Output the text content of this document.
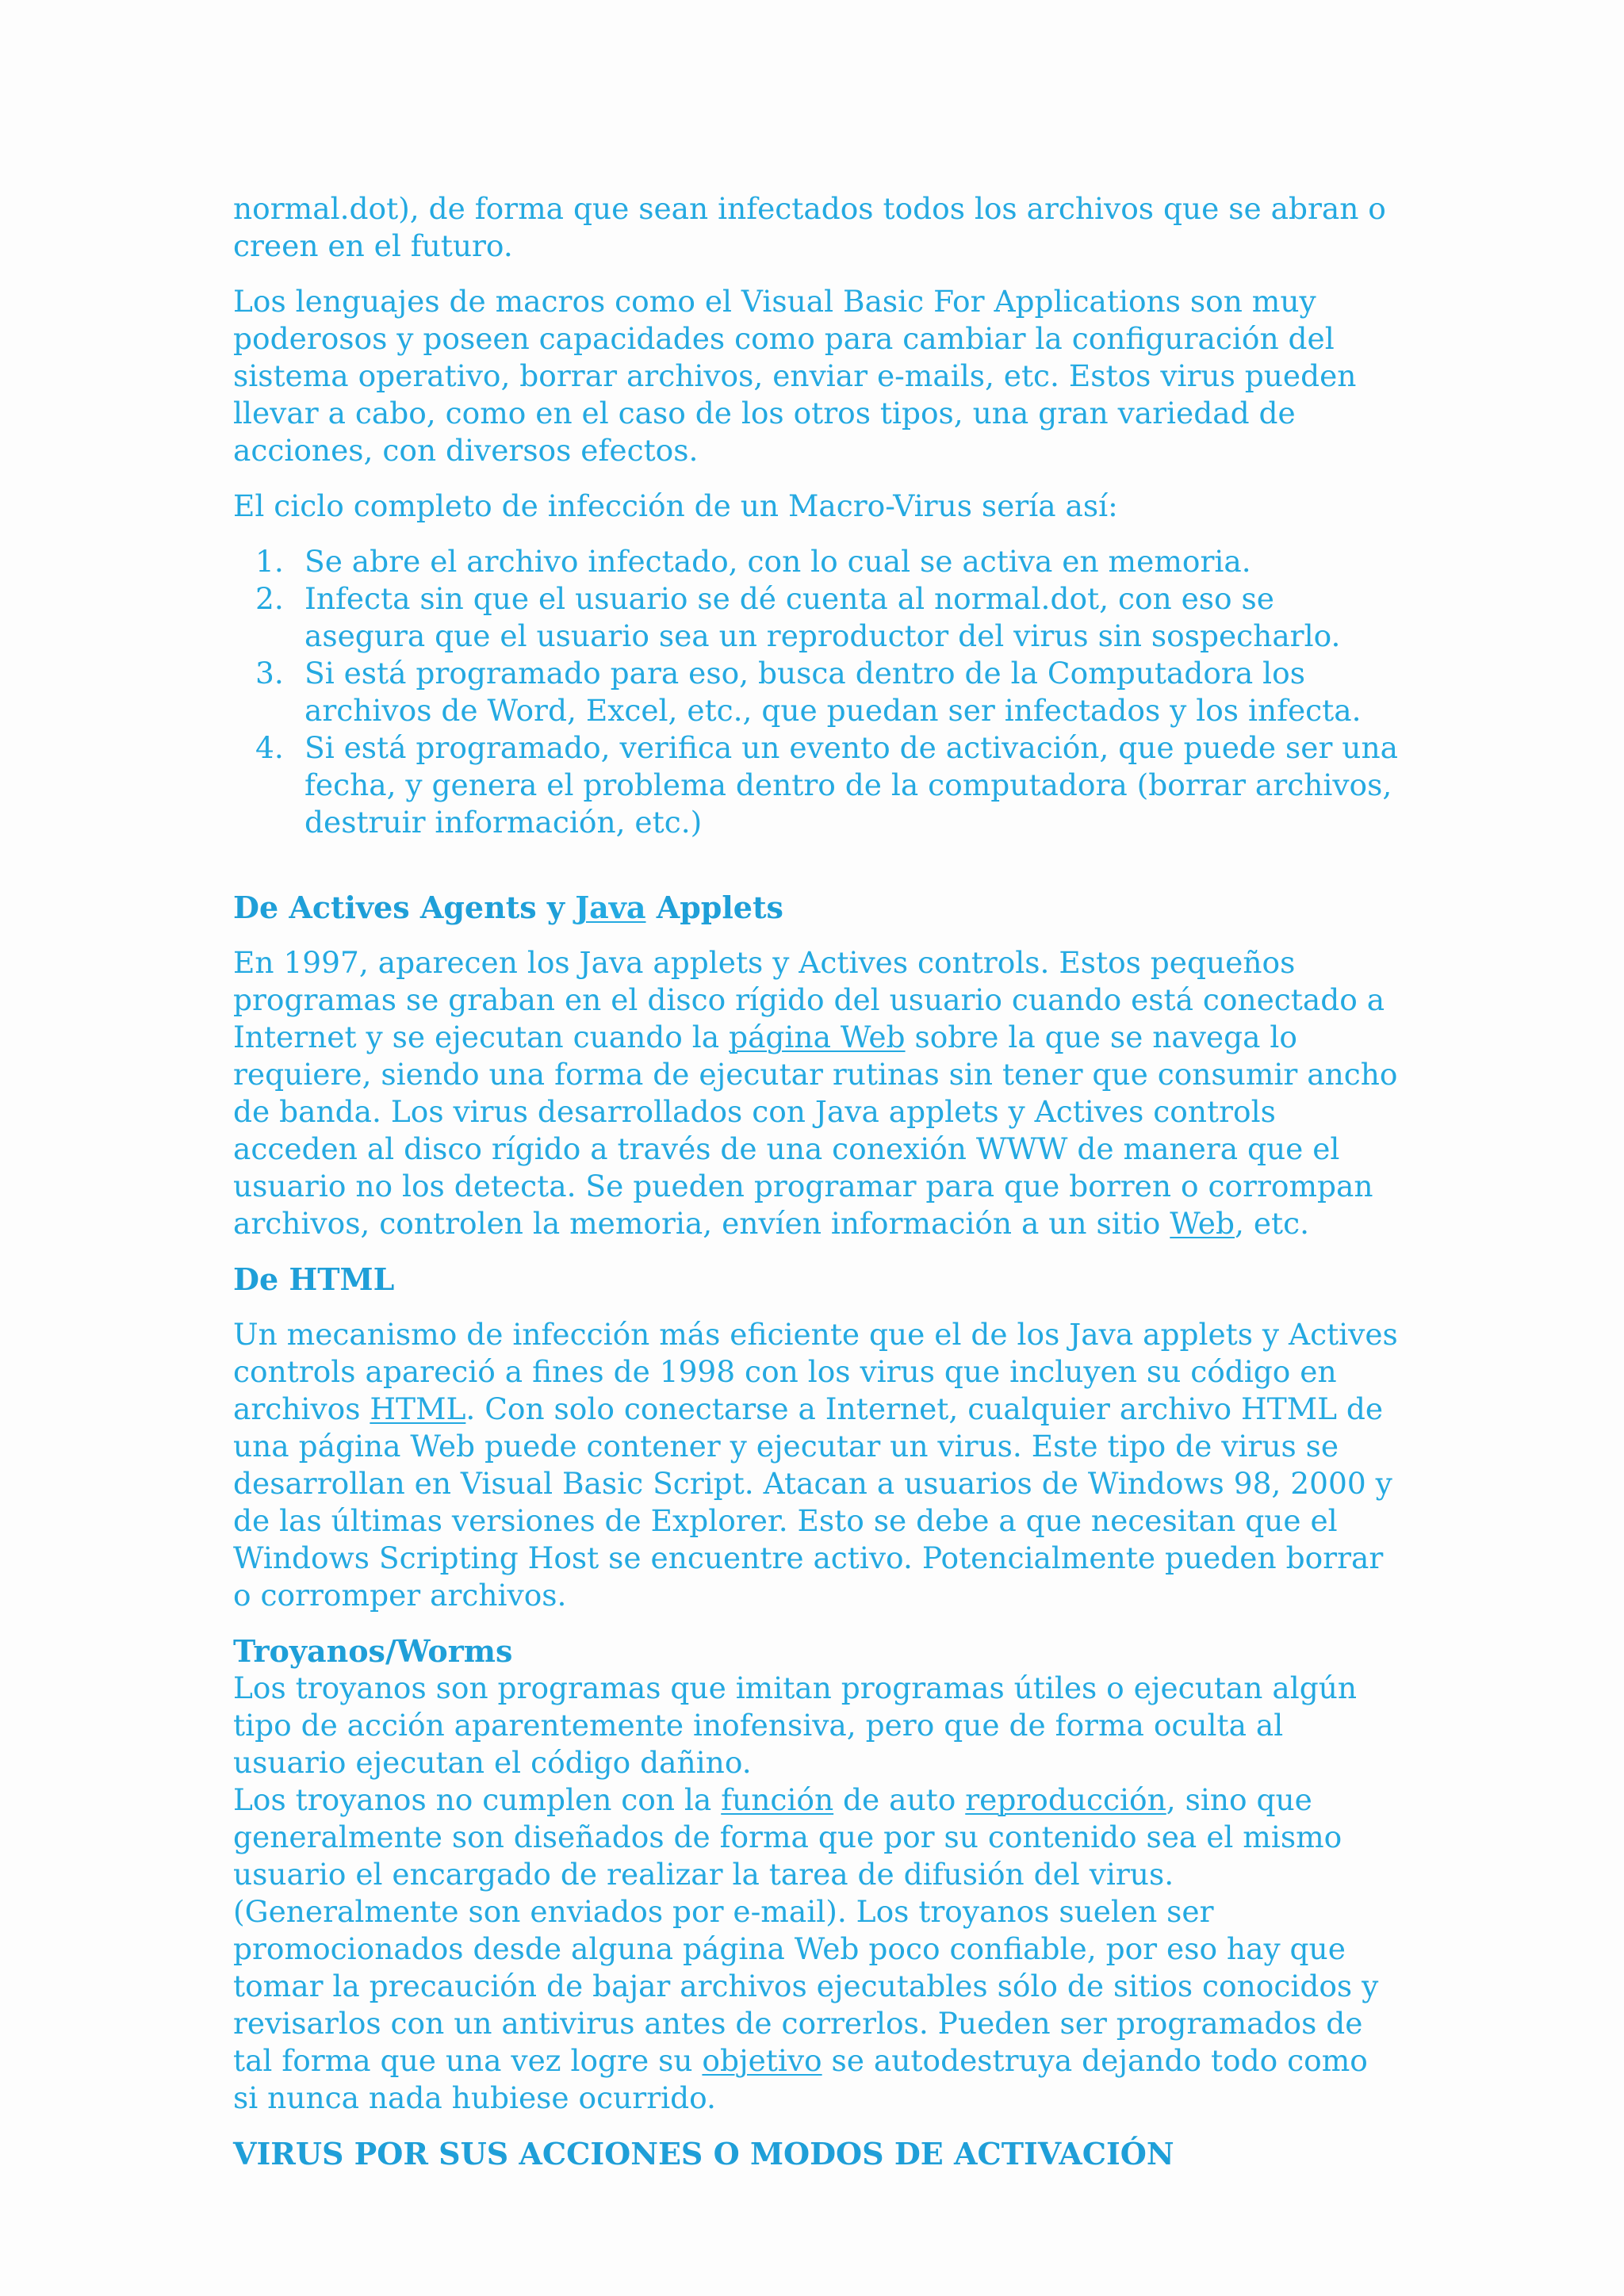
normal.dot), de forma que sean infectados todos los archivos que se abran o creen en el futuro.

Los lenguajes de macros como el Visual Basic For Applications son muy poderosos y poseen capacidades como para cambiar la configuración del sistema operativo, borrar archivos, enviar e-mails, etc. Estos virus pueden llevar a cabo, como en el caso de los otros tipos, una gran variedad de acciones, con diversos efectos.

El ciclo completo de infección de un Macro-Virus sería así:

1. Se abre el archivo infectado, con lo cual se activa en memoria.
2. Infecta sin que el usuario se dé cuenta al normal.dot, con eso se asegura que el usuario sea un reproductor del virus sin sospecharlo.
3. Si está programado para eso, busca dentro de la Computadora los archivos de Word, Excel, etc., que puedan ser infectados y los infecta.
4. Si está programado, verifica un evento de activación, que puede ser una fecha, y genera el problema dentro de la computadora (borrar archivos, destruir información, etc.)
De Actives Agents y Java Applets

En 1997, aparecen los Java applets y Actives controls. Estos pequeños programas se graban en el disco rígido del usuario cuando está conectado a Internet y se ejecutan cuando la página Web sobre la que se navega lo requiere, siendo una forma de ejecutar rutinas sin tener que consumir ancho de banda. Los virus desarrollados con Java applets y Actives controls acceden al disco rígido a través de una conexión WWW de manera que el usuario no los detecta. Se pueden programar para que borren o corrompan archivos, controlen la memoria, envíen información a un sitio Web, etc.

De HTML

Un mecanismo de infección más eficiente que el de los Java applets y Actives controls apareció a fines de 1998 con los virus que incluyen su código en archivos HTML. Con solo conectarse a Internet, cualquier archivo HTML de una página Web puede contener y ejecutar un virus. Este tipo de virus se desarrollan en Visual Basic Script. Atacan a usuarios de Windows 98, 2000 y de las últimas versiones de Explorer. Esto se debe a que necesitan que el Windows Scripting Host se encuentre activo. Potencialmente pueden borrar o corromper archivos.

Troyanos/Worms

Los troyanos son programas que imitan programas útiles o ejecutan algún tipo de acción aparentemente inofensiva, pero que de forma oculta al usuario ejecutan el código dañino.

Los troyanos no cumplen con la función de auto reproducción, sino que generalmente son diseñados de forma que por su contenido sea el mismo usuario el encargado de realizar la tarea de difusión del virus. (Generalmente son enviados por e-mail). Los troyanos suelen ser promocionados desde alguna página Web poco confiable, por eso hay que tomar la precaución de bajar archivos ejecutables sólo de sitios conocidos y revisarlos con un antivirus antes de correrlos. Pueden ser programados de tal forma que una vez logre su objetivo se autodestruya dejando todo como si nunca nada hubiese ocurrido.

VIRUS POR SUS ACCIONES O MODOS DE ACTIVACIÓN
